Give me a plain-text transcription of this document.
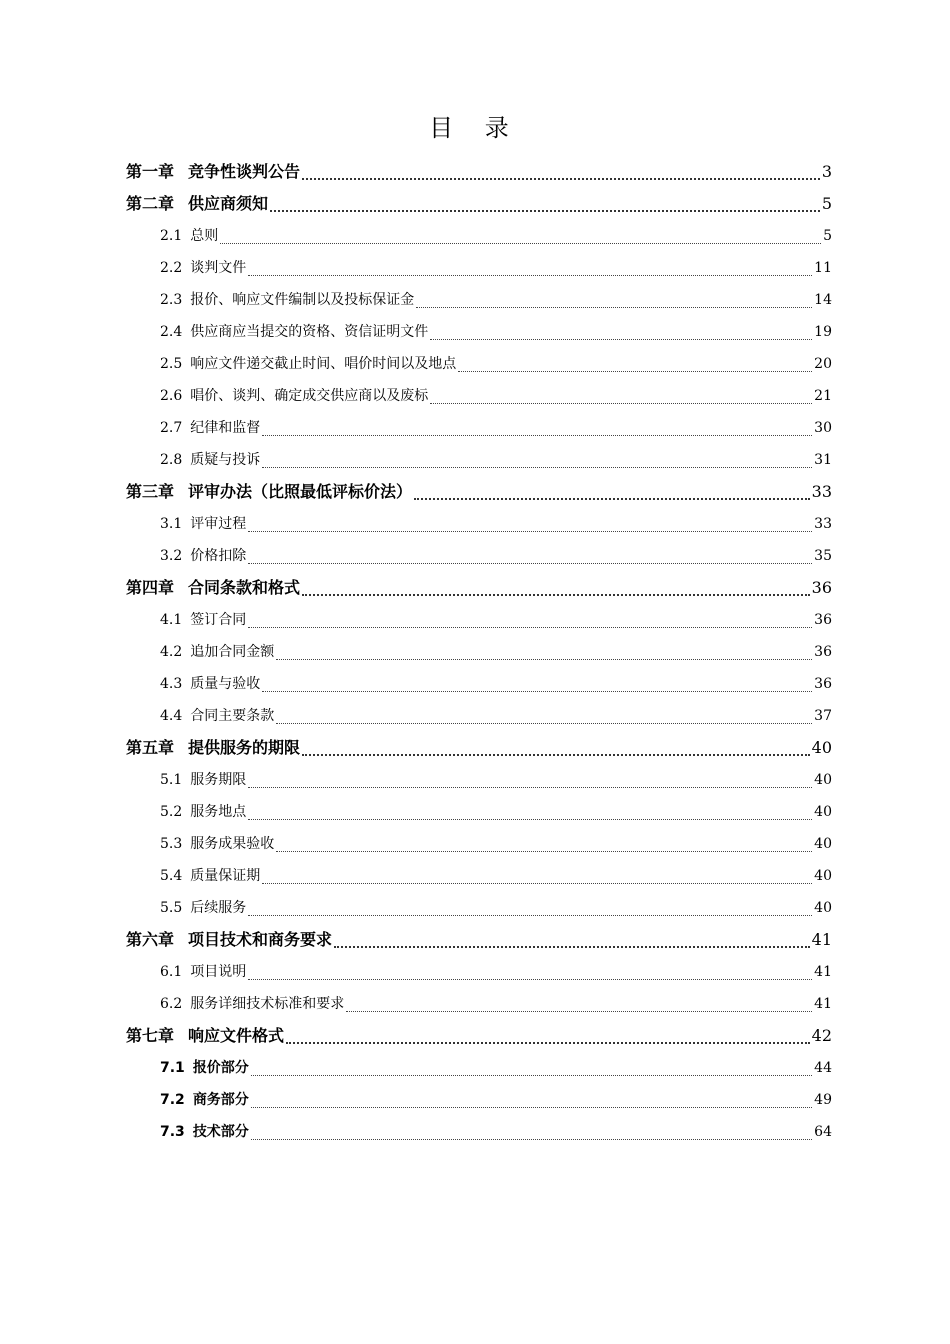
目 录
第一章 竞争性谈判公告	3
第二章 供应商须知	5
2.1 总则	5
2.2 谈判文件	11
2.3 报价、响应文件编制以及投标保证金	14
2.4 供应商应当提交的资格、资信证明文件	19
2.5 响应文件递交截止时间、唱价时间以及地点	20
2.6 唱价、谈判、确定成交供应商以及废标	21
2.7 纪律和监督	30
2.8 质疑与投诉	31
第三章 评审办法（比照最低评标价法）	33
3.1 评审过程	33
3.2 价格扣除	35
第四章 合同条款和格式	36
4.1 签订合同	36
4.2 追加合同金额	36
4.3 质量与验收	36
4.4 合同主要条款	37
第五章 提供服务的期限	40
5.1 服务期限	40
5.2 服务地点	40
5.3 服务成果验收	40
5.4 质量保证期	40
5.5 后续服务	40
第六章 项目技术和商务要求	41
6.1 项目说明	41
6.2 服务详细技术标准和要求	41
第七章 响应文件格式	42
7.1 报价部分	44
7.2 商务部分	49
7.3 技术部分	64
